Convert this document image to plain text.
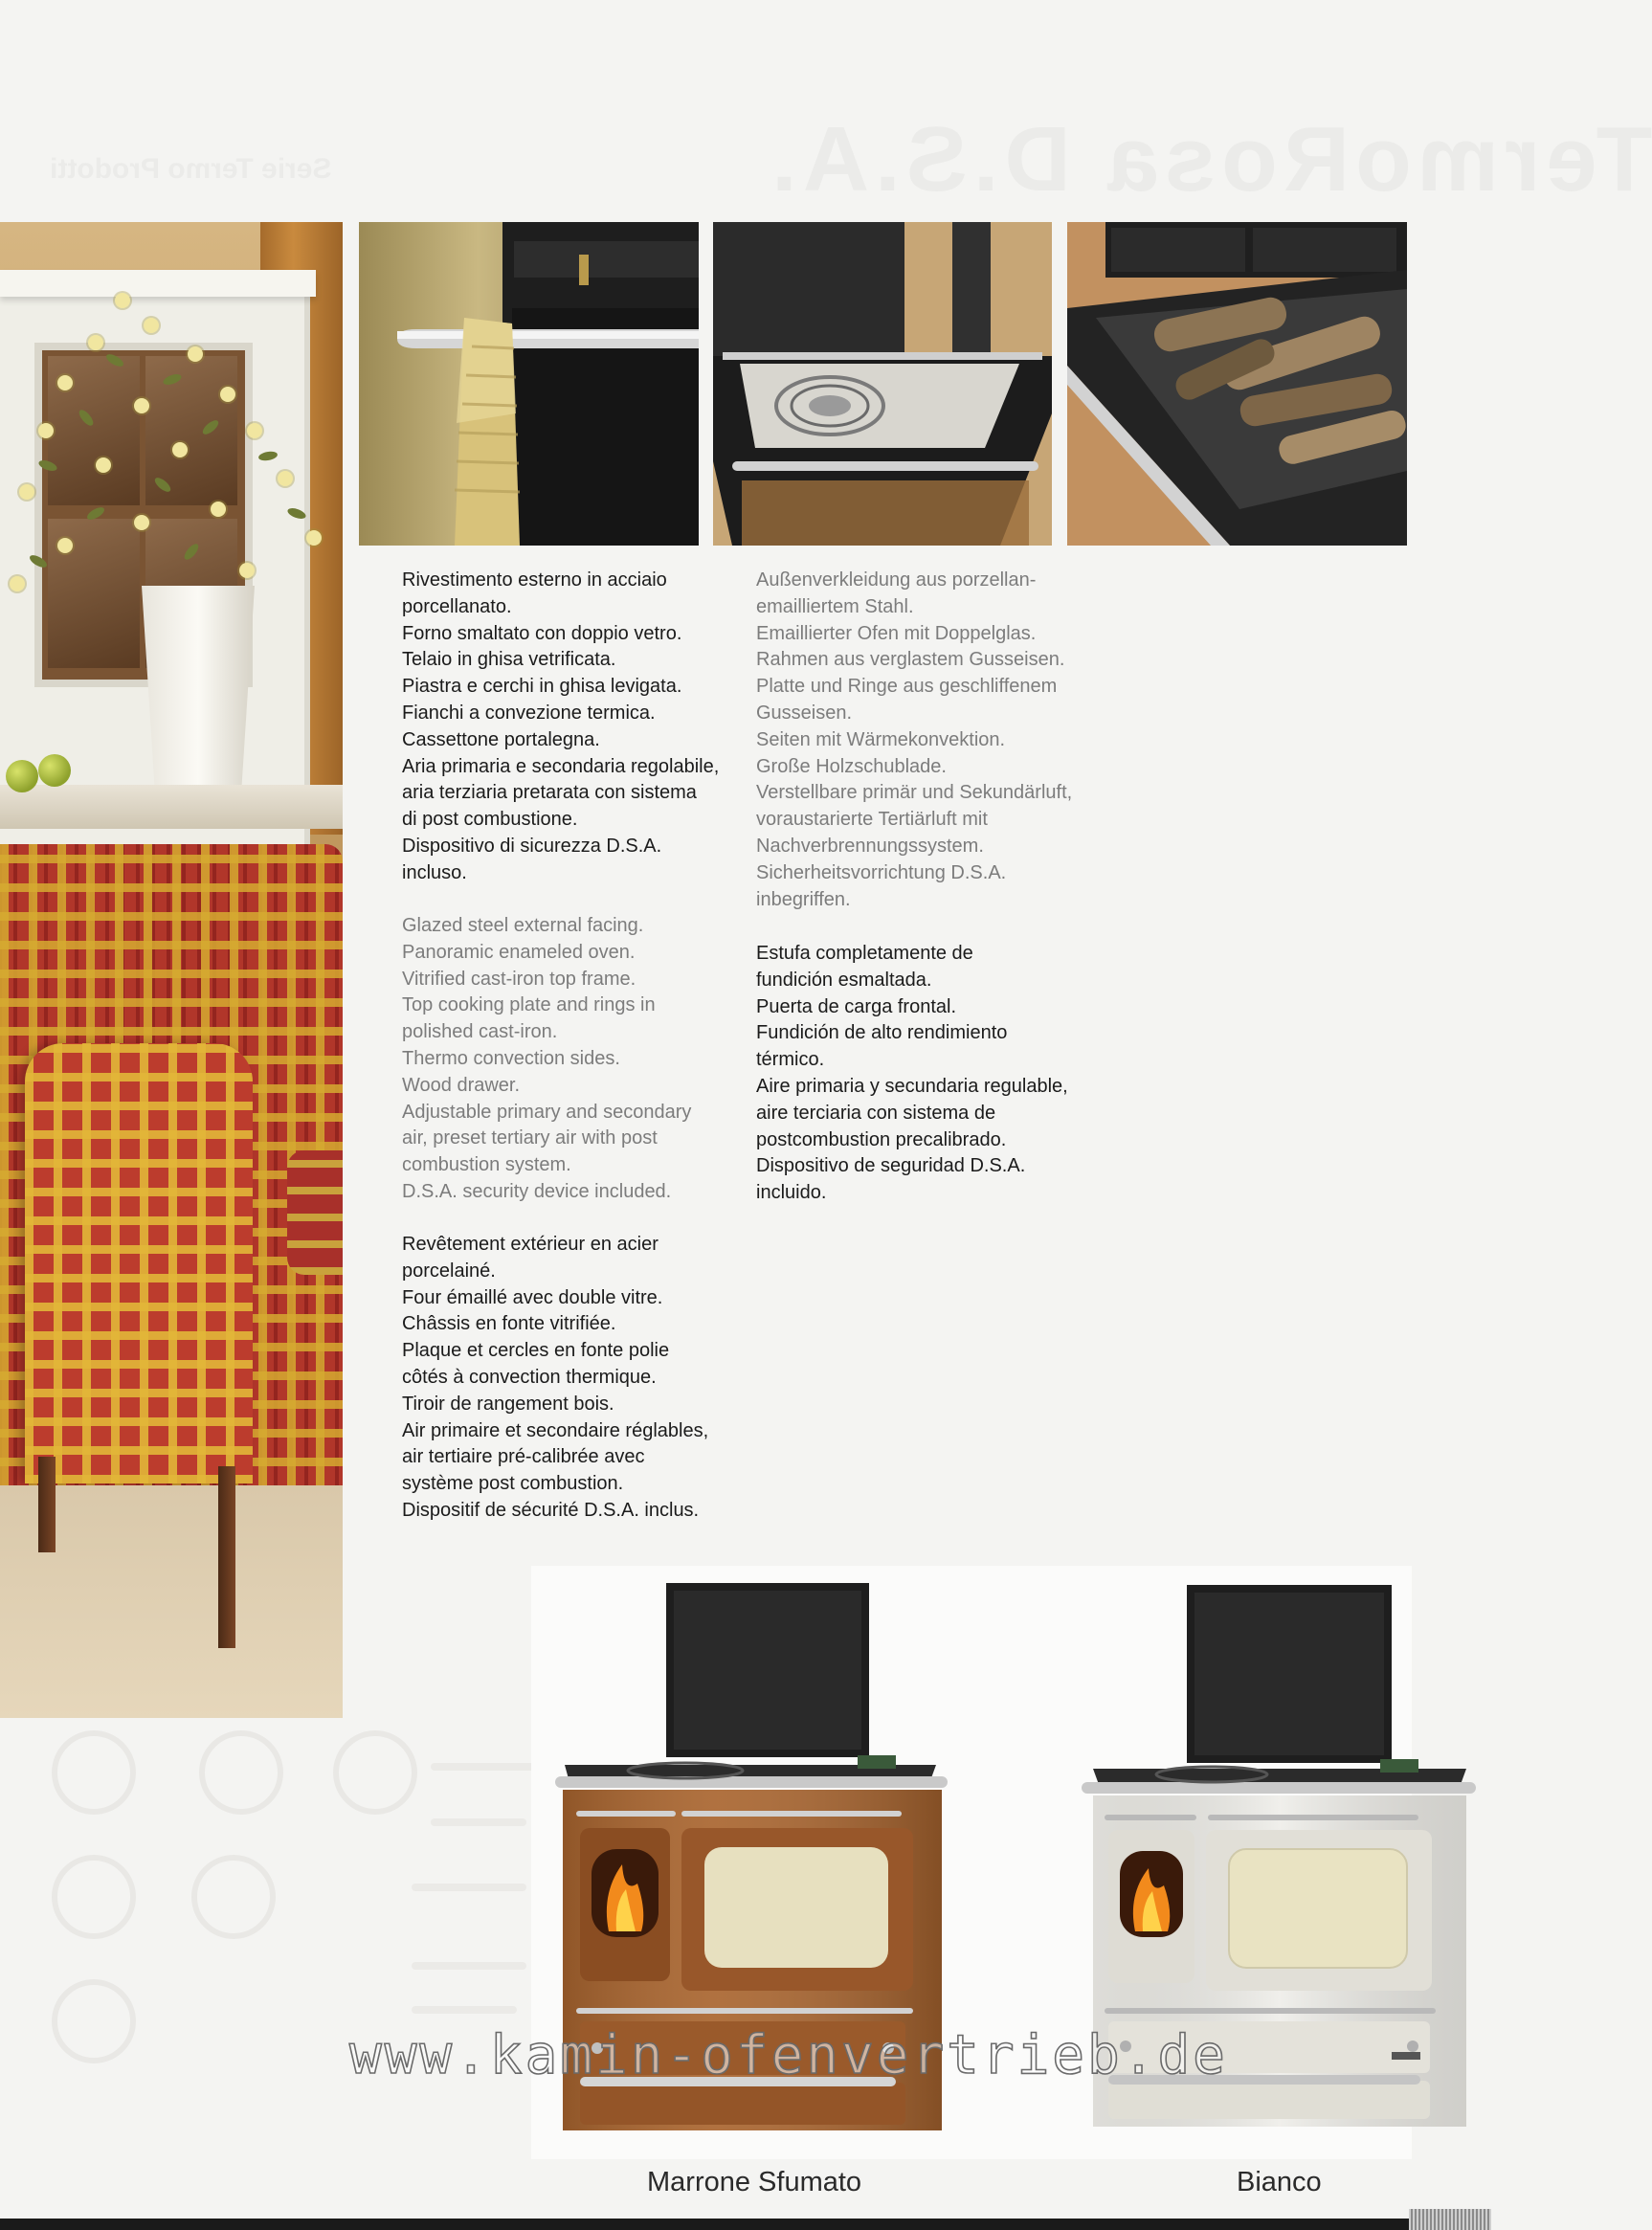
TermoRosa D.S.A.
Serie Termo Prodotti
Rivestimento esterno in acciaio
porcellanato.
Forno smaltato con doppio vetro.
Telaio in ghisa vetrificata.
Piastra e cerchi in ghisa levigata.
Fianchi a convezione termica.
Cassettone portalegna.
Aria primaria e secondaria regolabile,
aria terziaria pretarata con sistema
di post combustione.
Dispositivo di sicurezza D.S.A.
incluso.
Glazed steel external facing.
Panoramic enameled oven.
Vitrified cast-iron top frame.
Top cooking plate and rings in
polished cast-iron.
Thermo convection sides.
Wood drawer.
Adjustable primary and secondary
air, preset tertiary air with post
combustion system.
D.S.A. security device included.
Revêtement extérieur en acier
porcelainé.
Four émaillé avec double vitre.
Châssis en fonte vitrifiée.
Plaque et cercles en fonte polie
côtés à convection thermique.
Tiroir de rangement bois.
Air primaire et secondaire réglables,
air tertiaire pré-calibrée avec
système post combustion.
Dispositif de sécurité D.S.A. inclus.
Außenverkleidung aus porzellan-
emailliertem Stahl.
Emaillierter Ofen mit Doppelglas.
Rahmen aus verglastem Gusseisen.
Platte und Ringe aus geschliffenem
Gusseisen.
Seiten mit Wärmekonvektion.
Große Holzschublade.
Verstellbare primär und Sekundärluft,
voraustarierte Tertiärluft mit
Nachverbrennungssystem.
Sicherheitsvorrichtung D.S.A.
inbegriffen.
Estufa completamente de
fundición esmaltada.
Puerta de carga frontal.
Fundición de alto rendimiento
térmico.
Aire primaria y secundaria regulable,
aire terciaria con sistema de
postcombustion precalibrado.
Dispositivo de seguridad D.S.A.
incluido.
Marrone Sfumato	Bianco
www.kamin-ofenvertrieb.de
